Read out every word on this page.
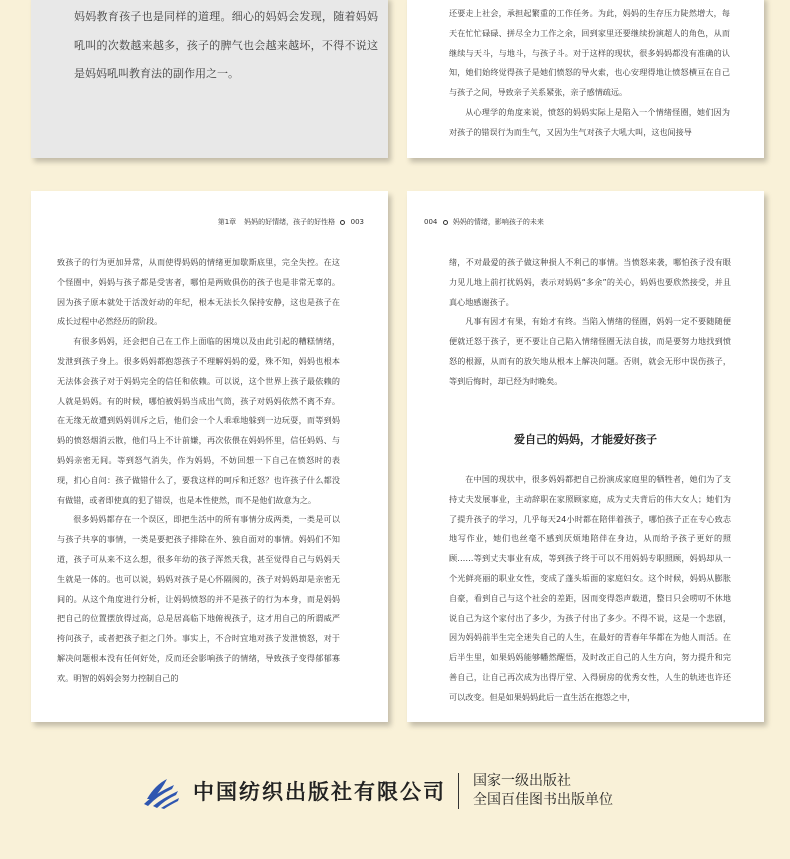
妈妈教育孩子也是同样的道理。细心的妈妈会发现，随着妈妈吼叫的次数越来越多，孩子的脾气也会越来越坏，不得不说这是妈妈吼叫教育法的副作用之一。

还要走上社会，承担起繁重的工作任务。为此，妈妈的生存压力陡然增大，每天在忙忙碌碌、拼尽全力工作之余，回到家里还要继续扮演超人的角色，从而继续与天斗，与地斗，与孩子斗。对于这样的现状，很多妈妈都没有准确的认知，她们始终觉得孩子是她们愤怒的导火索，也心安理得地让愤怒横亘在自己与孩子之间，导致亲子关系紧张，亲子感情疏远。

从心理学的角度来说，愤怒的妈妈实际上是陷入一个情绪怪圈，她们因为对孩子的错误行为而生气，又因为生气对孩子大吼大叫，这也间接导

第1章   妈妈的好情绪，孩子的好性格 003

致孩子的行为更加异常，从而使得妈妈的情绪更加歇斯底里，完全失控。在这个怪圈中，妈妈与孩子都是受害者，哪怕是两败俱伤的孩子也是非常无辜的。因为孩子原本就处于活泼好动的年纪，根本无法长久保持安静，这也是孩子在成长过程中必然经历的阶段。

有很多妈妈，还会把自己在工作上面临的困境以及由此引起的糟糕情绪，发泄到孩子身上。很多妈妈都抱怨孩子不理解妈妈的爱，殊不知，妈妈也根本无法体会孩子对于妈妈完全的信任和依赖。可以说，这个世界上孩子最依赖的人就是妈妈。有的时候，哪怕被妈妈当成出气筒，孩子对妈妈依然不离不弃。在无缘无故遭到妈妈训斥之后，他们会一个人乖乖地躲到一边玩耍，而等到妈妈的愤怒烟消云散，他们马上不计前嫌，再次依偎在妈妈怀里，信任妈妈、与妈妈亲密无间。等到怒气消失，作为妈妈，不妨回想一下自己在愤怒时的表现，扪心自问：孩子做错什么了，要我这样的呵斥和迁怒？也许孩子什么都没有做错，或者即使真的犯了错误，也是本性使然，而不是他们故意为之。

很多妈妈都存在一个误区，即把生活中的所有事情分成两类，一类是可以与孩子共享的事情，一类是要把孩子排除在外、独自面对的事情。妈妈们不知道，孩子可从来不这么想，很多年幼的孩子浑然天我，甚至觉得自己与妈妈天生就是一体的。也可以说，妈妈对孩子是心怀隔阂的，孩子对妈妈却是亲密无间的。从这个角度进行分析，让妈妈愤怒的并不是孩子的行为本身，而是妈妈把自己的位置摆放得过高，总是居高临下地俯视孩子，这才用自己的所谓威严挎问孩子，或者把孩子拒之门外。事实上，不合时宜地对孩子发泄愤怒，对于解决问题根本没有任何好处，反而还会影响孩子的情绪，导致孩子变得郁郁寡欢。明智的妈妈会努力控制自己的

004 妈妈的情绪，影响孩子的未来

绪，不对最爱的孩子做这种损人不利己的事情。当愤怒来袭，哪怕孩子没有眼力见儿地上前打扰妈妈，表示对妈妈“多余”的关心，妈妈也要欣然接受，并且真心地感谢孩子。

凡事有因才有果，有始才有终。当陷入情绪的怪圈，妈妈一定不要随随便便就迁怒于孩子，更不要让自己陷入情绪怪圈无法自拔，而是要努力地找到愤怒的根源，从而有的放矢地从根本上解决问题。否则，就会无形中误伤孩子，等到后悔时，却已经为时晚矣。

爱自己的妈妈，才能爱好孩子

在中国的现状中，很多妈妈都把自己扮演成家庭里的牺牲者，她们为了支持丈夫发展事业，主动辞职在家照顾家庭，成为丈夫背后的伟大女人；她们为了提升孩子的学习，几乎每天24小时都在陪伴着孩子，哪怕孩子正在专心致志地写作业，她们也丝毫不感到厌烦地陪伴在身边，从而给予孩子更好的照顾……等到丈夫事业有成，等到孩子终于可以不用妈妈专职照顾，妈妈却从一个光鲜亮丽的职业女性，变成了蓬头垢面的家庭妇女。这个时候，妈妈从膨胀自豪，看到自己与这个社会的差距，因而变得怨声载道，整日只会唠叨不休地说自己为这个家付出了多少，为孩子付出了多少。不得不说，这是一个悲剧，因为妈妈前半生完全迷失自己的人生，在最好的青春年华都在为他人而活。在后半生里，如果妈妈能够幡然醒悟，及时改正自己的人生方向，努力提升和完善自己，让自己再次成为出得厅堂、入得厨房的优秀女性，人生的轨迹也许还可以改变。但是如果妈妈此后一直生活在抱怨之中，

中国纺织出版社有限公司 国家一级出版社
全国百佳图书出版单位
